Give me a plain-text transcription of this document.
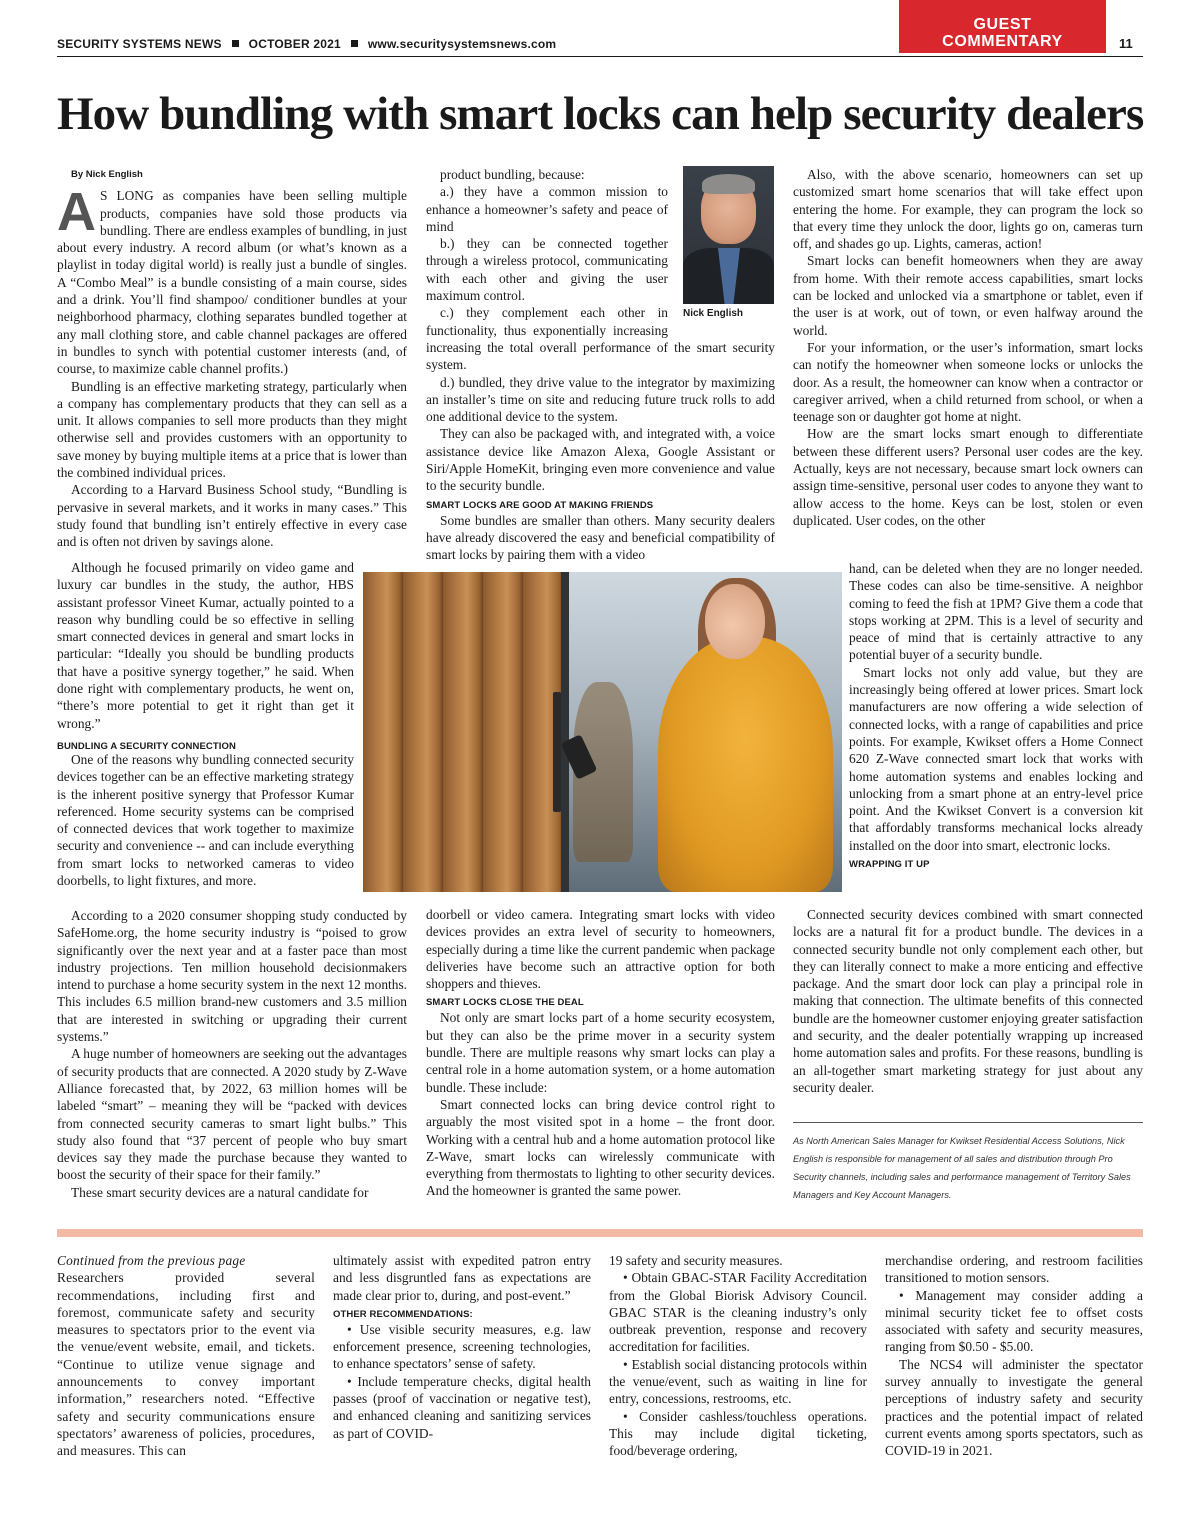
SECURITY SYSTEMS NEWS OCTOBER 2021 www.securitysystemsnews.com
GUEST
COMMENTARY	11
How bundling with smart locks can help security dealers

By Nick English

A S LONG as companies have been selling multiple products, companies have sold those products via bundling. There are endless examples of bundling, in just about every industry. A record album (or what’s known as a playlist in today digital world) is really just a bundle of singles. A “Combo Meal” is a bundle consisting of a main course, sides and a drink. You’ll find shampoo/ conditioner bundles at your neighborhood pharmacy, clothing separates bundled together at any mall clothing store, and cable channel packages are offered in bundles to synch with potential customer interests (and, of course, to maximize cable channel profits.)

Bundling is an effective marketing strategy, particularly when a company has complementary products that they can sell as a unit. It allows companies to sell more products than they might otherwise sell and provides customers with an opportunity to save money by buying multiple items at a price that is lower than the combined individual prices.

According to a Harvard Business School study, “Bundling is pervasive in several markets, and it works in many cases.” This study found that bundling isn’t entirely effective in every case and is often not driven by savings alone.

Although he focused primarily on video game and luxury car bundles in the study, the author, HBS assistant professor Vineet Kumar, actually pointed to a reason why bundling could be so effective in selling smart connected devices in general and smart locks in particular: “Ideally you should be bundling products that have a positive synergy together,” he said. When done right with complementary products, he went on, “there’s more potential to get it right than get it wrong.”

BUNDLING A SECURITY CONNECTION

One of the reasons why bundling connected security devices together can be an effective marketing strategy is the inherent positive synergy that Professor Kumar referenced. Home security systems can be comprised of connected devices that work together to maximize security and convenience -- and can include everything from smart locks to networked cameras to video doorbells, to light fixtures, and more.

According to a 2020 consumer shopping study conducted by SafeHome.org, the home security industry is “poised to grow significantly over the next year and at a faster pace than most industry projections. Ten million household decisionmakers intend to purchase a home security system in the next 12 months. This includes 6.5 million brand-new customers and 3.5 million that are interested in switching or upgrading their current systems.”

A huge number of homeowners are seeking out the advantages of security products that are connected. A 2020 study by Z-Wave Alliance forecasted that, by 2022, 63 million homes will be labeled “smart” – meaning they will be “packed with devices from connected security cameras to smart light bulbs.” This study also found that “37 percent of people who buy smart devices say they made the purchase because they wanted to boost the security of their space for their family.”

These smart security devices are a natural candidate for

product bundling, because:

a.) they have a common mission to enhance a homeowner’s safety and peace of mind

b.) they can be connected together through a wireless protocol, communicating with each other and giving the user maximum control.

c.) they complement each other in functionality, thus exponentially increasing

increasing the total overall performance of the smart security system.

d.) bundled, they drive value to the integrator by maximizing an installer’s time on site and reducing future truck rolls to add one additional device to the system.

They can also be packaged with, and integrated with, a voice assistance device like Amazon Alexa, Google Assistant or Siri/Apple HomeKit, bringing even more convenience and value to the security bundle.

SMART LOCKS ARE GOOD AT MAKING FRIENDS

Some bundles are smaller than others. Many security dealers have already discovered the easy and beneficial compatibility of smart locks by pairing them with a video

Nick English

doorbell or video camera. Integrating smart locks with video devices provides an extra level of security to homeowners, especially during a time like the current pandemic when package deliveries have become such an attractive option for both shoppers and thieves.

SMART LOCKS CLOSE THE DEAL

Not only are smart locks part of a home security ecosystem, but they can also be the prime mover in a security system bundle. There are multiple reasons why smart locks can play a central role in a home automation system, or a home automation bundle. These include:

Smart connected locks can bring device control right to arguably the most visited spot in a home – the front door. Working with a central hub and a home automation protocol like Z-Wave, smart locks can wirelessly communicate with everything from thermostats to lighting to other security devices. And the homeowner is granted the same power.

Also, with the above scenario, homeowners can set up customized smart home scenarios that will take effect upon entering the home. For example, they can program the lock so that every time they unlock the door, lights go on, cameras turn off, and shades go up. Lights, cameras, action!

Smart locks can benefit homeowners when they are away from home. With their remote access capabilities, smart locks can be locked and unlocked via a smartphone or tablet, even if the user is at work, out of town, or even halfway around the world.

For your information, or the user’s information, smart locks can notify the homeowner when someone locks or unlocks the door. As a result, the homeowner can know when a contractor or caregiver arrived, when a child returned from school, or when a teenage son or daughter got home at night.

How are the smart locks smart enough to differentiate between these different users? Personal user codes are the key. Actually, keys are not necessary, because smart lock owners can assign time-sensitive, personal user codes to anyone they want to allow access to the home. Keys can be lost, stolen or even duplicated. User codes, on the other

hand, can be deleted when they are no longer needed. These codes can also be time-sensitive. A neighbor coming to feed the fish at 1PM? Give them a code that stops working at 2PM. This is a level of security and peace of mind that is certainly attractive to any potential buyer of a security bundle.

Smart locks not only add value, but they are increasingly being offered at lower prices. Smart lock manufacturers are now offering a wide selection of connected locks, with a range of capabilities and price points. For example, Kwikset offers a Home Connect 620 Z-Wave connected smart lock that works with home automation systems and enables locking and unlocking from a smart phone at an entry-level price point. And the Kwikset Convert is a conversion kit that affordably transforms mechanical locks already installed on the door into smart, electronic locks.

WRAPPING IT UP

Connected security devices combined with smart connected locks are a natural fit for a product bundle. The devices in a connected security bundle not only complement each other, but they can literally connect to make a more enticing and effective package. And the smart door lock can play a principal role in making that connection. The ultimate benefits of this connected bundle are the homeowner customer enjoying greater satisfaction and security, and the dealer potentially wrapping up increased home automation sales and profits. For these reasons, bundling is an all-together smart marketing strategy for just about any security dealer.

As North American Sales Manager for Kwikset Residential Access Solutions, Nick English is responsible for management of all sales and distribution through Pro Security channels, including sales and performance management of Territory Sales Managers and Key Account Managers.

Continued from the previous page

Researchers provided several recommendations, including first and foremost, communicate safety and security measures to spectators prior to the event via the venue/event website, email, and tickets. “Continue to utilize venue signage and announcements to convey important information,” researchers noted. “Effective safety and security communications ensure spectators’ awareness of policies, procedures, and measures. This can

ultimately assist with expedited patron entry and less disgruntled fans as expectations are made clear prior to, during, and post-event.”

OTHER RECOMMENDATIONS:

• Use visible security measures, e.g. law enforcement presence, screening technologies, to enhance spectators’ sense of safety.

• Include temperature checks, digital health passes (proof of vaccination or negative test), and enhanced cleaning and sanitizing services as part of COVID-

19 safety and security measures.

• Obtain GBAC-STAR Facility Accreditation from the Global Biorisk Advisory Council. GBAC STAR is the cleaning industry’s only outbreak prevention, response and recovery accreditation for facilities.

• Establish social distancing protocols within the venue/event, such as waiting in line for entry, concessions, restrooms, etc.

• Consider cashless/touchless operations. This may include digital ticketing, food/beverage ordering,

merchandise ordering, and restroom facilities transitioned to motion sensors.

• Management may consider adding a minimal security ticket fee to offset costs associated with safety and security measures, ranging from $0.50 - $5.00.

The NCS4 will administer the spectator survey annually to investigate the general perceptions of industry safety and security practices and the potential impact of related current events among sports spectators, such as COVID-19 in 2021.
